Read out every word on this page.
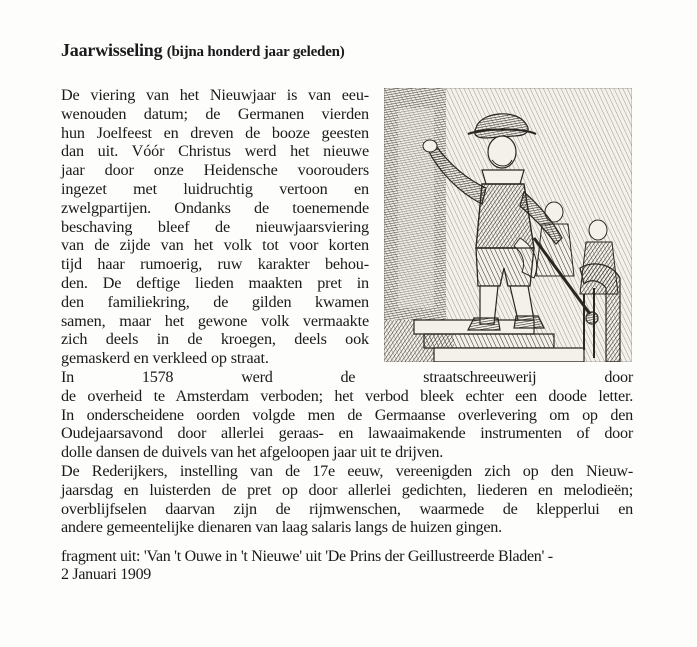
Jaarwisseling (bijna honderd jaar geleden)
De viering van het Nieuwjaar is van eeu-
wenouden datum; de Germanen vierden
hun Joelfeest en dreven de booze geesten
dan uit. Vóór Christus werd het nieuwe
jaar door onze Heidensche voorouders
ingezet met luidruchtig vertoon en
zwelgpartijen. Ondanks de toenemende
beschaving bleef de nieuwjaarsviering
van de zijde van het volk tot voor korten
tijd haar rumoerig, ruw karakter behou-
den. De deftige lieden maakten pret in
den familiekring, de gilden kwamen
samen, maar het gewone volk vermaakte
zich deels in de kroegen, deels ook
gemaskerd en verkleed op straat.
In 1578 werd de straatschreeuwerij door
de overheid te Amsterdam verboden; het verbod bleek echter een doode letter.
In onderscheidene oorden volgde men de Germaanse overlevering om op den
Oudejaarsavond door allerlei geraas- en lawaaimakende instrumenten of door
dolle dansen de duivels van het afgeloopen jaar uit te drijven.
De Rederijkers, instelling van de 17e eeuw, vereenigden zich op den Nieuw-
jaarsdag en luisterden de pret op door allerlei gedichten, liederen en melodieën;
overblijfselen daarvan zijn de rijmwenschen, waarmede de klepperlui en
andere gemeentelijke dienaren van laag salaris langs de huizen gingen.
fragment uit: 'Van 't Ouwe in 't Nieuwe' uit 'De Prins der Geillustreerde Bladen' -
2 Januari 1909
